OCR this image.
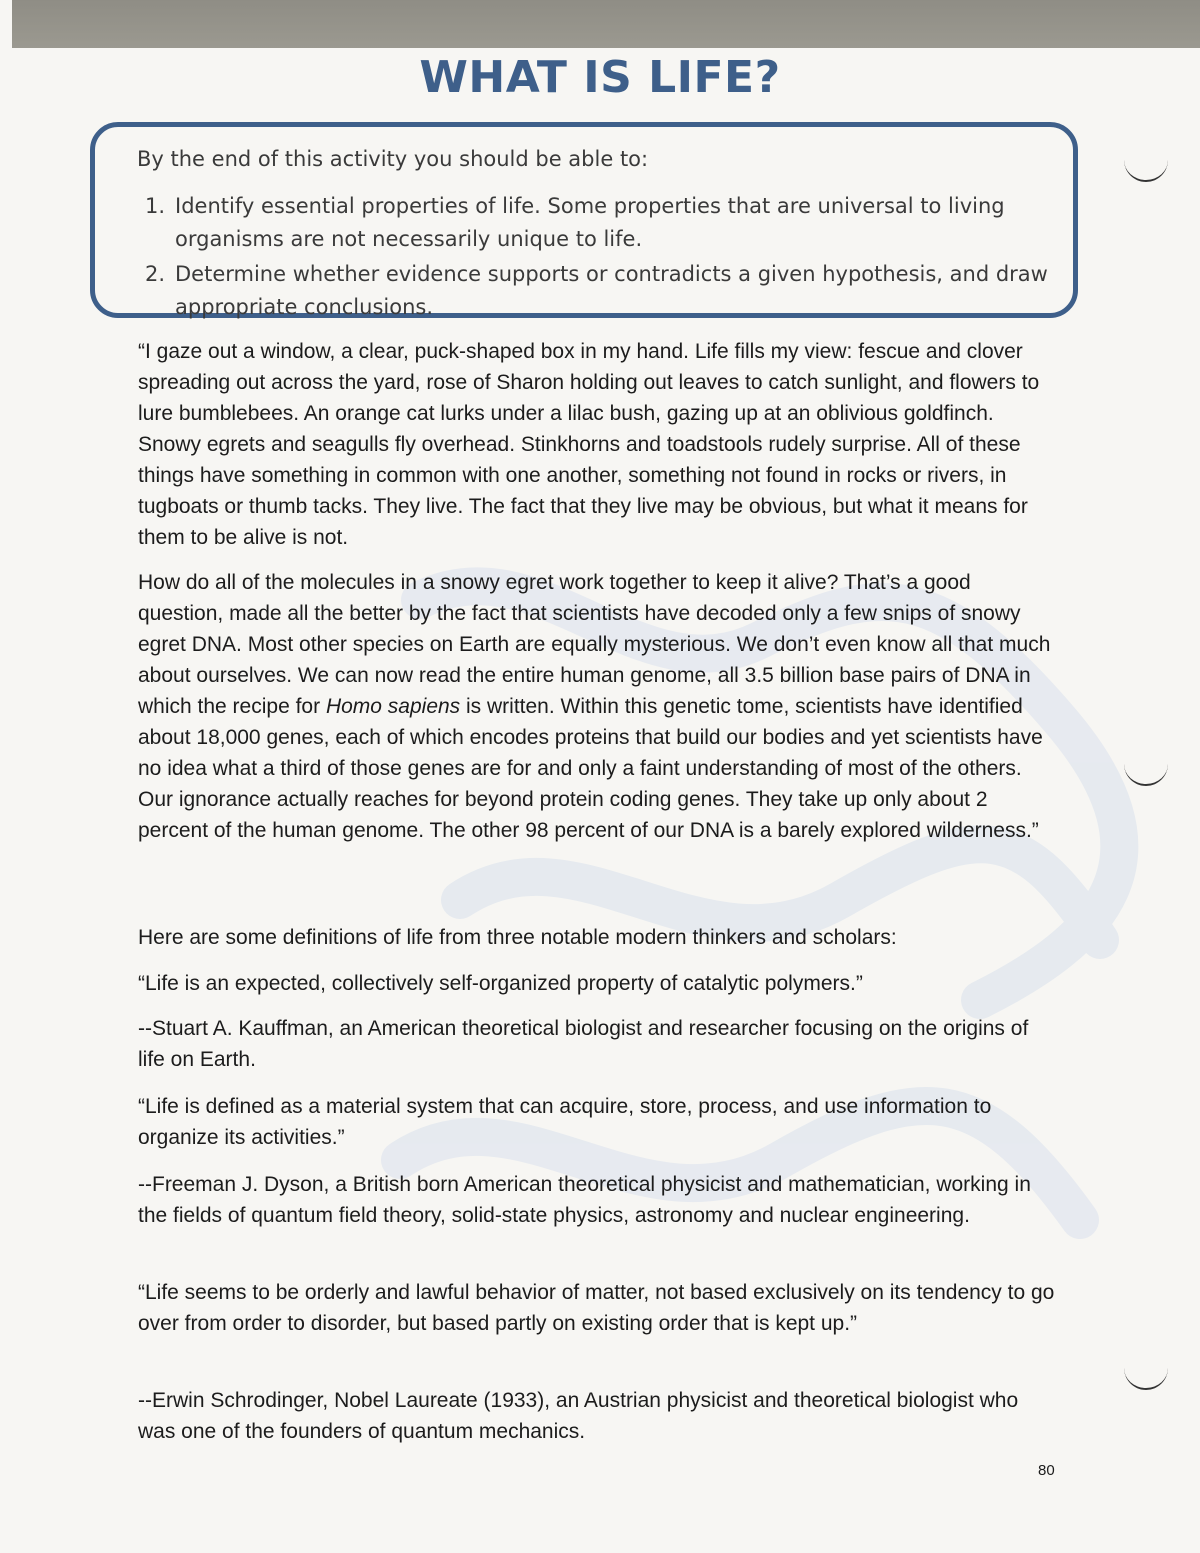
WHAT IS LIFE?
By the end of this activity you should be able to:
1. Identify essential properties of life. Some properties that are universal to living organisms are not necessarily unique to life.
2. Determine whether evidence supports or contradicts a given hypothesis, and draw appropriate conclusions.

“I gaze out a window, a clear, puck-shaped box in my hand. Life fills my view: fescue and clover spreading out across the yard, rose of Sharon holding out leaves to catch sunlight, and flowers to lure bumblebees. An orange cat lurks under a lilac bush, gazing up at an oblivious goldfinch. Snowy egrets and seagulls fly overhead. Stinkhorns and toadstools rudely surprise. All of these things have something in common with one another, something not found in rocks or rivers, in tugboats or thumb tacks. They live. The fact that they live may be obvious, but what it means for them to be alive is not.

How do all of the molecules in a snowy egret work together to keep it alive? That’s a good question, made all the better by the fact that scientists have decoded only a few snips of snowy egret DNA. Most other species on Earth are equally mysterious. We don’t even know all that much about ourselves. We can now read the entire human genome, all 3.5 billion base pairs of DNA in which the recipe for Homo sapiens is written. Within this genetic tome, scientists have identified about 18,000 genes, each of which encodes proteins that build our bodies and yet scientists have no idea what a third of those genes are for and only a faint understanding of most of the others. Our ignorance actually reaches for beyond protein coding genes. They take up only about 2 percent of the human genome. The other 98 percent of our DNA is a barely explored wilderness.”

Here are some definitions of life from three notable modern thinkers and scholars:

“Life is an expected, collectively self-organized property of catalytic polymers.”

--Stuart A. Kauffman, an American theoretical biologist and researcher focusing on the origins of life on Earth.

“Life is defined as a material system that can acquire, store, process, and use information to organize its activities.”

--Freeman J. Dyson, a British born American theoretical physicist and mathematician, working in the fields of quantum field theory, solid-state physics, astronomy and nuclear engineering.

“Life seems to be orderly and lawful behavior of matter, not based exclusively on its tendency to go over from order to disorder, but based partly on existing order that is kept up.”

--Erwin Schrodinger, Nobel Laureate (1933), an Austrian physicist and theoretical biologist who was one of the founders of quantum mechanics.

80
